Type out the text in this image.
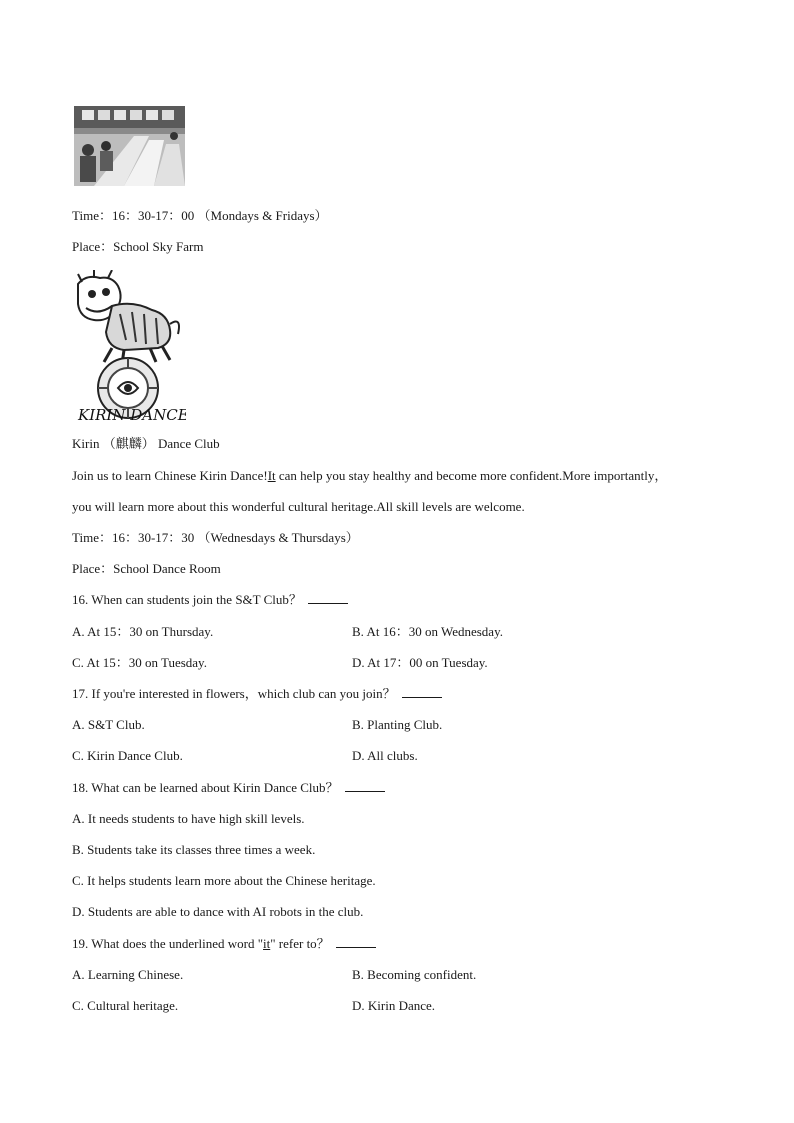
Time：16：30-17：00 （Mondays & Fridays）
Place：School Sky Farm
KIRIN DANCE
Kirin （麒麟） Dance Club
Join us to learn Chinese Kirin Dance!It can help you stay healthy and become more confident.More importantly，
you will learn more about this wonderful cultural heritage.All skill levels are welcome.
Time：16：30-17：30 （Wednesdays & Thursdays）
Place：School Dance Room
16. When can students join the S&T Club？
A. At 15：30 on Thursday.	B. At 16：30 on Wednesday.
C. At 15：30 on Tuesday.	D. At 17：00 on Tuesday.
17. If you're interested in flowers，which club can you join？
A. S&T Club.	B. Planting Club.
C. Kirin Dance Club.	D. All clubs.
18. What can be learned about Kirin Dance Club？
A. It needs students to have high skill levels.
B. Students take its classes three times a week.
C. It helps students learn more about the Chinese heritage.
D. Students are able to dance with AI robots in the club.
19. What does the underlined word "it" refer to？
A. Learning Chinese.	B. Becoming confident.
C. Cultural heritage.	D. Kirin Dance.
